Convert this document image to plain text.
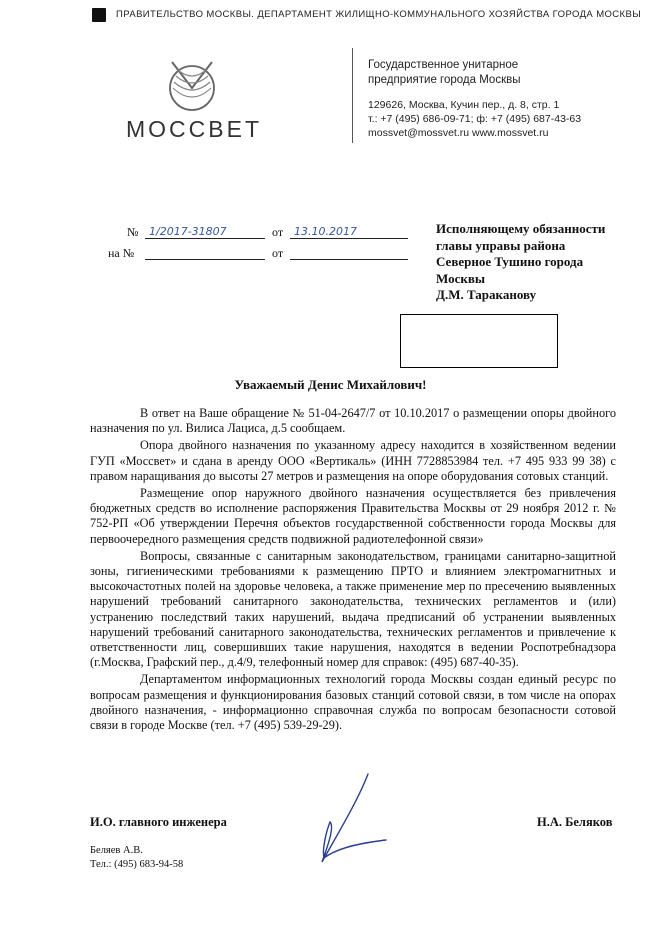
ПРАВИТЕЛЬСТВО МОСКВЫ. ДЕПАРТАМЕНТ ЖИЛИЩНО-КОММУНАЛЬНОГО ХОЗЯЙСТВА ГОРОДА МОСКВЫ
МОССВЕТ
Государственное унитарное
предприятие города Москвы
129626, Москва, Кучин пер., д. 8, стр. 1
т.: +7 (495) 686-09-71; ф: +7 (495) 687-43-63
mossvet@mossvet.ru www.mossvet.ru
№ 1/2017-31807	от 13.10.2017
на №	от
Исполняющему обязанности
главы управы района
Северное Тушино города
Москвы
Д.М. Тараканову
Уважаемый Денис Михайлович!

В ответ на Ваше обращение № 51-04-2647/7 от 10.10.2017 о размещении опоры двойного назначения по ул. Вилиса Лациса, д.5 сообщаем.

Опора двойного назначения по указанному адресу находится в хозяйственном ведении ГУП «Моссвет» и сдана в аренду ООО «Вертикаль» (ИНН 7728853984 тел. +7 495 933 99 38) с правом наращивания до высоты 27 метров и размещения на опоре оборудования сотовых станций.

Размещение опор наружного двойного назначения осуществляется без привлечения бюджетных средств во исполнение распоряжения Правительства Москвы от 29 ноября 2012 г. № 752-РП «Об утверждении Перечня объектов государственной собственности города Москвы для первоочередного размещения средств подвижной радиотелефонной связи»

Вопросы, связанные с санитарным законодательством, границами санитарно-защитной зоны, гигиеническими требованиями к размещению ПРТО и влиянием электромагнитных и высокочастотных полей на здоровье человека, а также применение мер по пресечению выявленных нарушений требований санитарного законодательства, технических регламентов и (или) устранению последствий таких нарушений, выдача предписаний об устранении выявленных нарушений требований санитарного законодательства, технических регламентов и привлечение к ответственности лиц, совершивших такие нарушения, находятся в ведении Роспотребнадзора (г.Москва, Графский пер., д.4/9, телефонный номер для справок: (495) 687-40-35).

Департаментом информационных технологий города Москвы создан единый ресурс по вопросам размещения и функционирования базовых станций сотовой связи, в том числе на опорах двойного назначения, - информационно справочная служба по вопросам безопасности сотовой связи в городе Москве (тел. +7 (495) 539-29-29).

И.О. главного инженера	Н.А. Беляков
Беляев А.В.
Тел.: (495) 683-94-58
